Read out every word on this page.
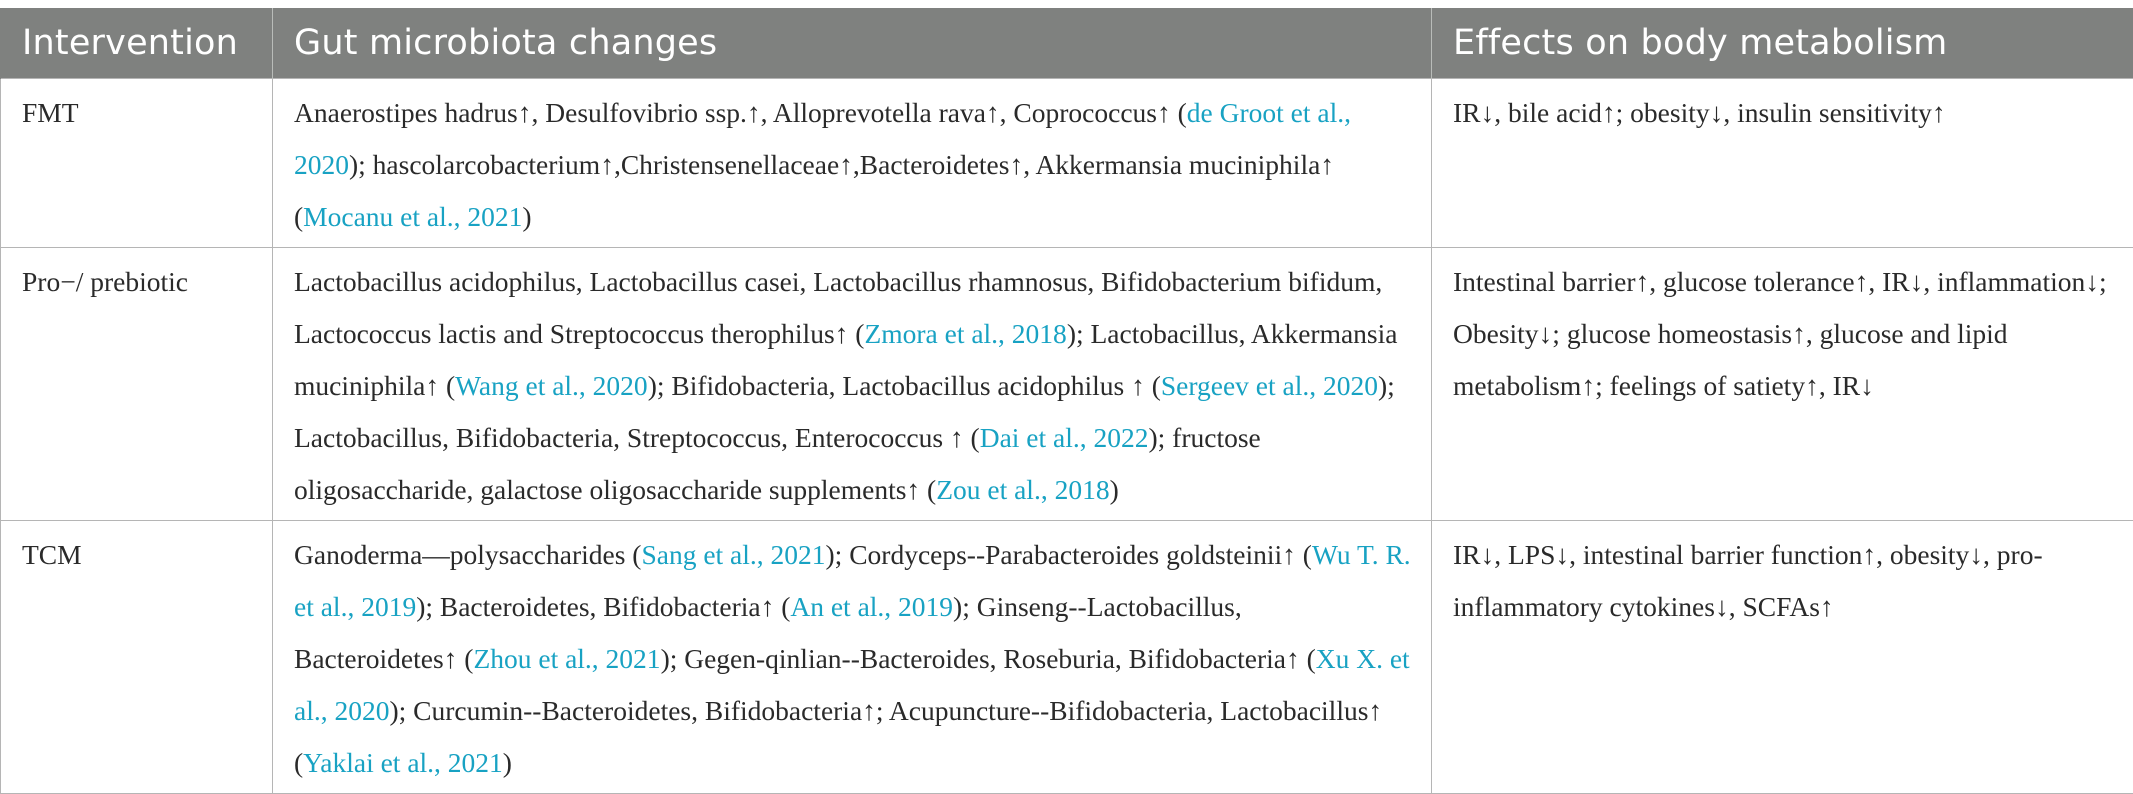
Intervention	Gut microbiota changes	Effects on body metabolism
FMT	Anaerostipes hadrus↑, Desulfovibrio ssp.↑, Alloprevotella rava↑, Coprococcus↑ (de Groot et al., 2020); hascolarcobacterium↑,Christensenellaceae↑,Bacteroidetes↑, Akkermansia muciniphila↑ (Mocanu et al., 2021)	IR↓, bile acid↑; obesity↓, insulin sensitivity↑
Pro−/ prebiotic	Lactobacillus acidophilus, Lactobacillus casei, Lactobacillus rhamnosus, Bifidobacterium bifidum, Lactococcus lactis and Streptococcus therophilus↑ (Zmora et al., 2018); Lactobacillus, Akkermansia muciniphila↑ (Wang et al., 2020); Bifidobacteria, Lactobacillus acidophilus ↑ (Sergeev et al., 2020); Lactobacillus, Bifidobacteria, Streptococcus, Enterococcus ↑ (Dai et al., 2022); fructose oligosaccharide, galactose oligosaccharide supplements↑ (Zou et al., 2018)	Intestinal barrier↑, glucose tolerance↑, IR↓, inflammation↓; Obesity↓; glucose homeostasis↑, glucose and lipid metabolism↑; feelings of satiety↑, IR↓
TCM	Ganoderma—polysaccharides (Sang et al., 2021); Cordyceps--Parabacteroides goldsteinii↑ (Wu T. R. et al., 2019); Bacteroidetes, Bifidobacteria↑ (An et al., 2019); Ginseng--Lactobacillus, Bacteroidetes↑ (Zhou et al., 2021); Gegen-qinlian--Bacteroides, Roseburia, Bifidobacteria↑ (Xu X. et al., 2020); Curcumin--Bacteroidetes, Bifidobacteria↑; Acupuncture--Bifidobacteria, Lactobacillus↑ (Yaklai et al., 2021)	IR↓, LPS↓, intestinal barrier function↑, obesity↓, pro-inflammatory cytokines↓, SCFAs↑
